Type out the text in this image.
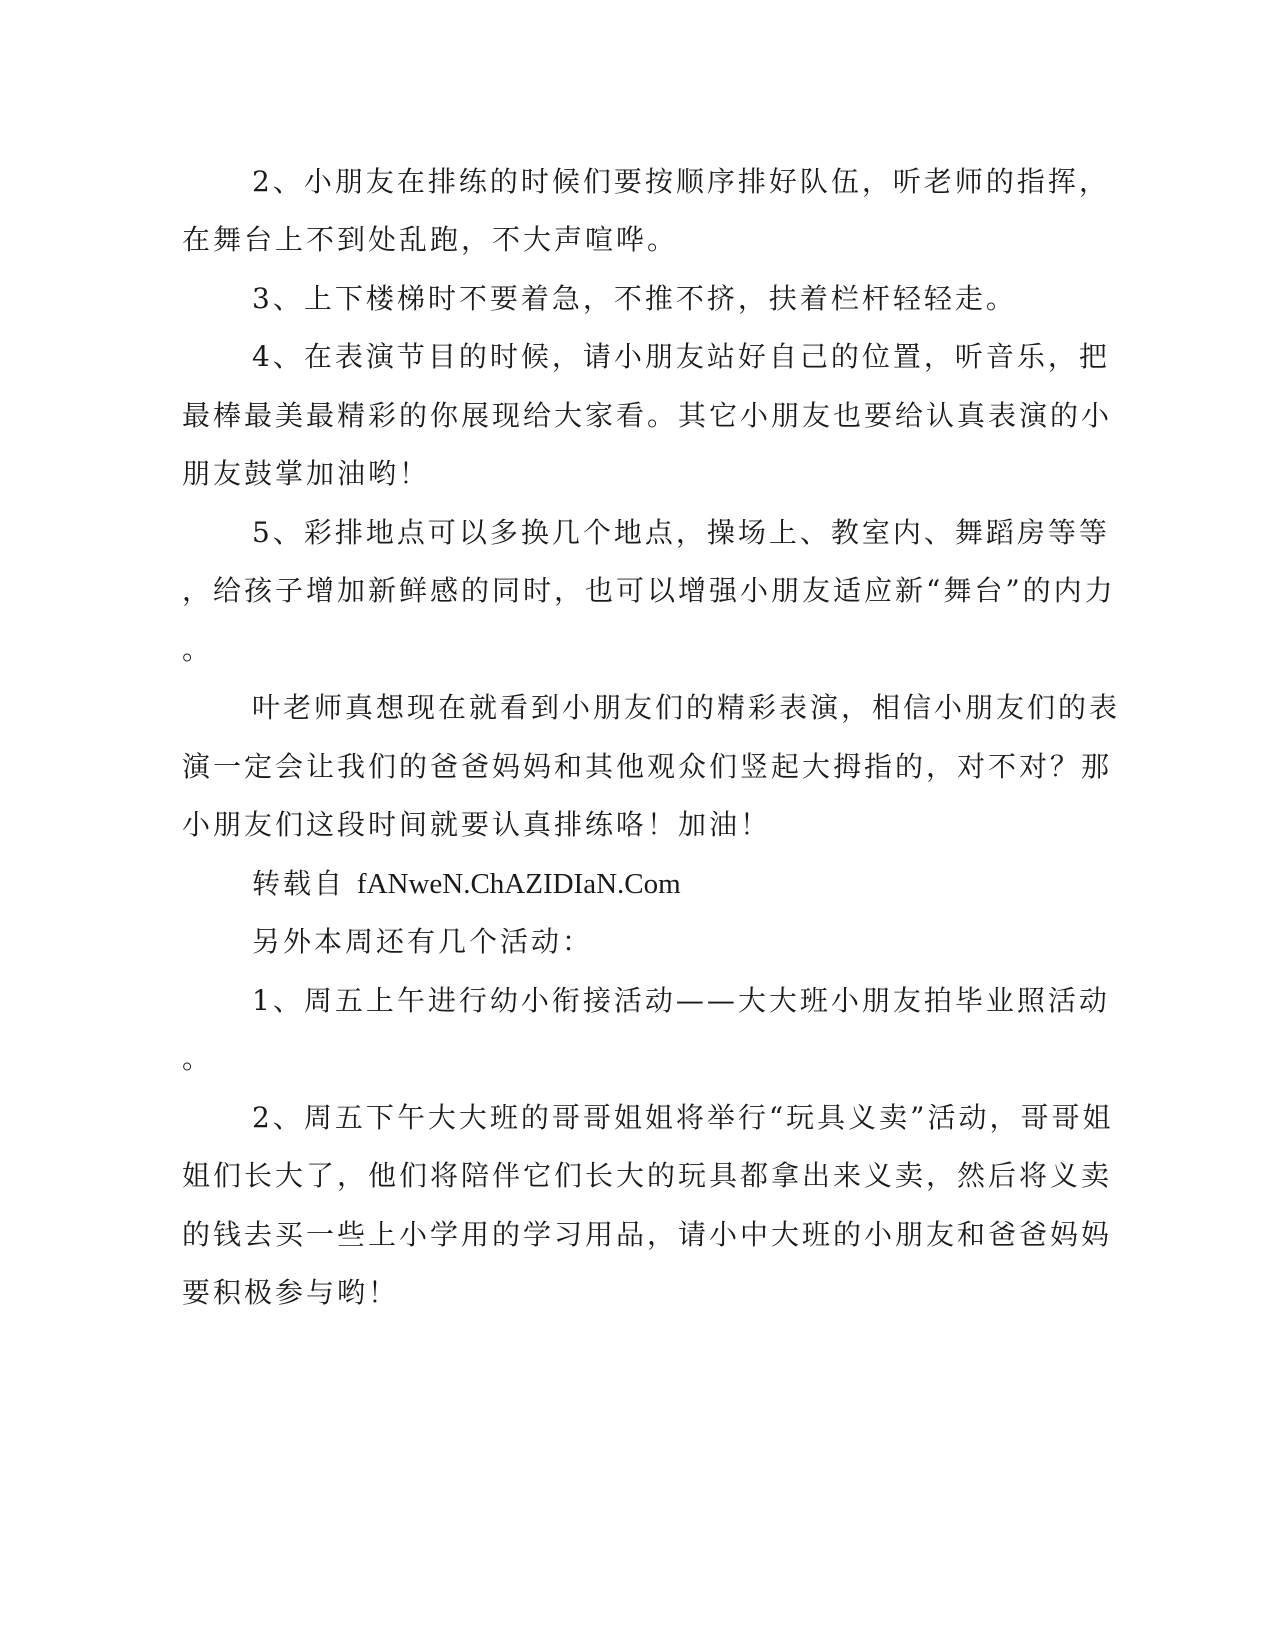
2、小朋友在排练的时候们要按顺序排好队伍，听老师的指挥，
在舞台上不到处乱跑，不大声喧哗。
3、上下楼梯时不要着急，不推不挤，扶着栏杆轻轻走。
4、在表演节目的时候，请小朋友站好自己的位置，听音乐，把
最棒最美最精彩的你展现给大家看。其它小朋友也要给认真表演的小
朋友鼓掌加油哟！
5、彩排地点可以多换几个地点，操场上、教室内、舞蹈房等等
，给孩子增加新鲜感的同时，也可以增强小朋友适应新“舞台”的内力
。
叶老师真想现在就看到小朋友们的精彩表演，相信小朋友们的表
演一定会让我们的爸爸妈妈和其他观众们竖起大拇指的，对不对？那
小朋友们这段时间就要认真排练咯！加油！
转载自 fANweN.ChAZIDIaN.Com
另外本周还有几个活动：
1、周五上午进行幼小衔接活动——大大班小朋友拍毕业照活动
。
2、周五下午大大班的哥哥姐姐将举行“玩具义卖”活动，哥哥姐
姐们长大了，他们将陪伴它们长大的玩具都拿出来义卖，然后将义卖
的钱去买一些上小学用的学习用品，请小中大班的小朋友和爸爸妈妈
要积极参与哟！
